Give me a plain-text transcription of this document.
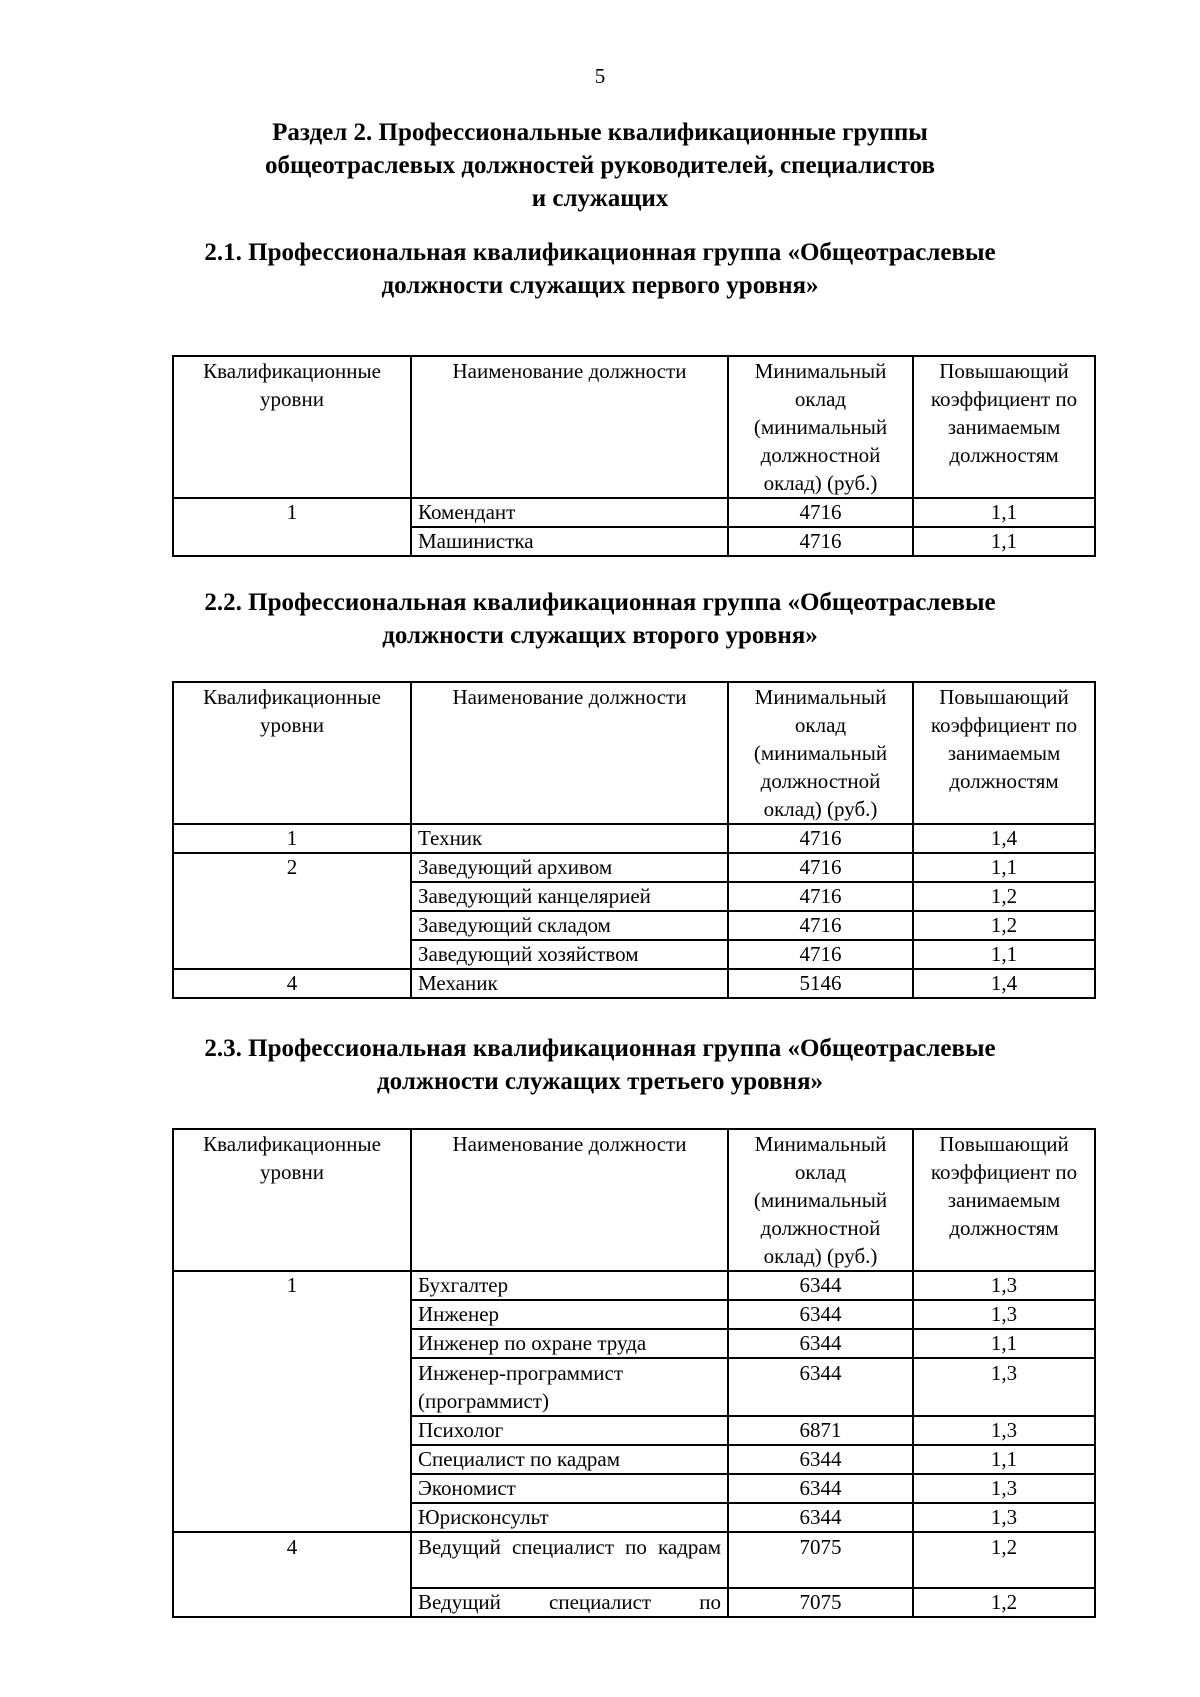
5
Раздел 2. Профессиональные квалификационные группы
общеотраслевых должностей руководителей, специалистов
и служащих
2.1. Профессиональная квалификационная группа «Общеотраслевые
должности служащих первого уровня»
Квалификационные уровни	Наименование должности	Минимальный оклад (минимальный должностной оклад) (руб.)	Повышающий коэффициент по занимаемым должностям
1	Комендант	4716	1,1
	Машинистка	4716	1,1
2.2. Профессиональная квалификационная группа «Общеотраслевые
должности служащих второго уровня»
Квалификационные уровни	Наименование должности	Минимальный оклад (минимальный должностной оклад) (руб.)	Повышающий коэффициент по занимаемым должностям
1	Техник	4716	1,4
2	Заведующий архивом	4716	1,1
	Заведующий канцелярией	4716	1,2
	Заведующий складом	4716	1,2
	Заведующий хозяйством	4716	1,1
4	Механик	5146	1,4
2.3. Профессиональная квалификационная группа «Общеотраслевые
должности служащих третьего уровня»
Квалификационные уровни	Наименование должности	Минимальный оклад (минимальный должностной оклад) (руб.)	Повышающий коэффициент по занимаемым должностям
1	Бухгалтер	6344	1,3
	Инженер	6344	1,3
	Инженер по охране труда	6344	1,1
	Инженер-программист (программист)	6344	1,3
	Психолог	6871	1,3
	Специалист по кадрам	6344	1,1
	Экономист	6344	1,3
	Юрисконсульт	6344	1,3
4	Ведущий специалист по кадрам	7075	1,2
	Ведущий специалист по	7075	1,2
